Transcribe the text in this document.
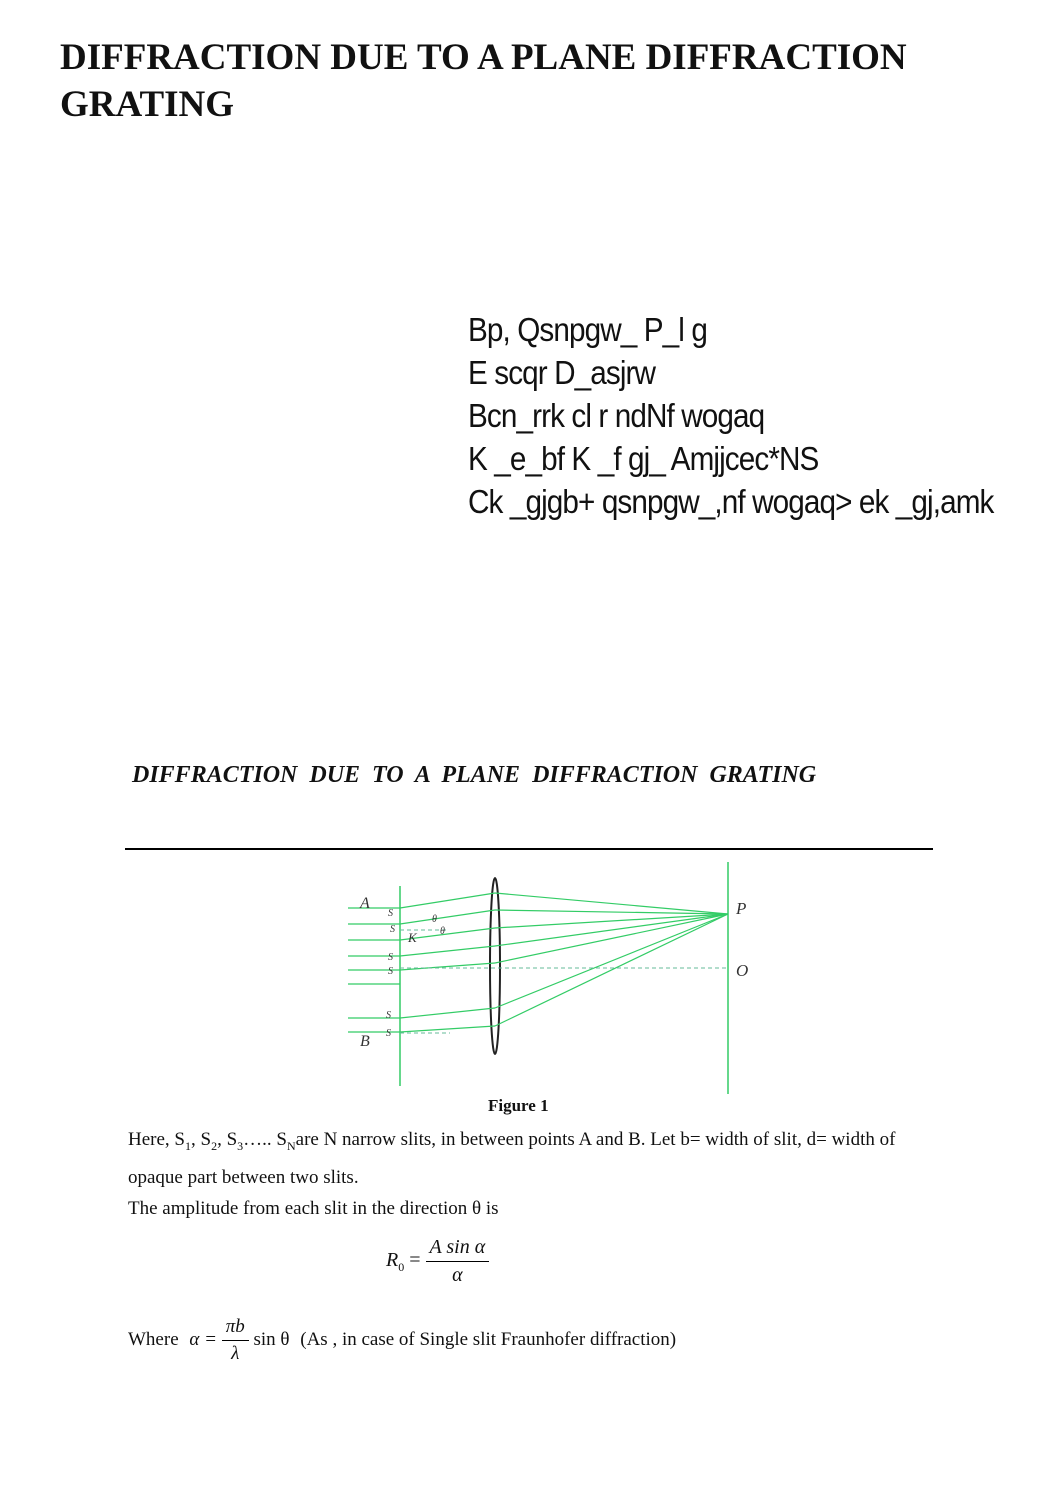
DIFFRACTION DUE TO A PLANE DIFFRACTION GRATING
Bp, Qsnpgw_ P_l g
E scqr D_asjrw
Bcn_rrk cl r ndNf wogaq
K _e_bf K _f gj_ Amjjcec*NS
Ck _gjgb+ qsnpgw_,nf wogaq> ek _gj,amk
DIFFRACTION DUE TO A PLANE DIFFRACTION GRATING
A
B
P
O
K
S
S
S
S
S
S
θ
θ
Figure 1
Here, $S_1$, $S_2$, $S_3\dots$.. $S_Nare$ N narrow slits, in between points A and B. Let b= width of slit, d= width of opaque part between two slits.
The amplitude from each slit in the direction θ is
$R_0 = \frac{\text{A sin α}}{\alpha}$
Where $\alpha = \frac{\pi b}{\lambda}$ sin θ (As , in case of Single slit Fraunhofer diffraction)
